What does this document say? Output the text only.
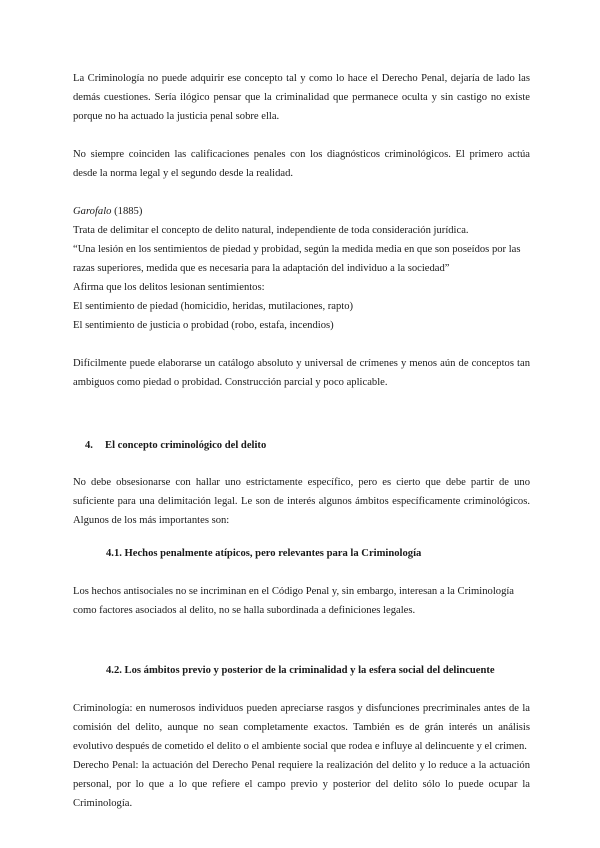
La Criminología no puede adquirir ese concepto tal y como lo hace el Derecho Penal, dejaría de lado las demás cuestiones. Sería ilógico pensar que la criminalidad que permanece oculta y sin castigo no existe porque no ha actuado la justicia penal sobre ella.

No siempre coinciden las calificaciones penales con los diagnósticos criminológicos. El primero actúa desde la norma legal y el segundo desde la realidad.

Garofalo (1885)

Trata de delimitar el concepto de delito natural, independiente de toda consideración jurídica.

“Una lesión en los sentimientos de piedad y probidad, según la medida media en que son poseídos por las razas superiores, medida que es necesaria para la adaptación del individuo a la sociedad”

Afirma que los delitos lesionan sentimientos:

El sentimiento de piedad (homicidio, heridas, mutilaciones, rapto)

El sentimiento de justicia o probidad (robo, estafa, incendios)

Difícilmente puede elaborarse un catálogo absoluto y universal de crímenes y menos aún de conceptos tan ambiguos como piedad o probidad. Construcción parcial y poco aplicable.

4. El concepto criminológico del delito

No debe obsesionarse con hallar uno estrictamente específico, pero es cierto que debe partir de uno suficiente para una delimitación legal. Le son de interés algunos ámbitos específicamente criminológicos. Algunos de los más importantes son:

4.1. Hechos penalmente atípicos, pero relevantes para la Criminología

Los hechos antisociales no se incriminan en el Código Penal y, sin embargo, interesan a la Criminología como factores asociados al delito, no se halla subordinada a definiciones legales.

4.2. Los ámbitos previo y posterior de la criminalidad y la esfera social del delincuente

Criminología: en numerosos individuos pueden apreciarse rasgos y disfunciones precriminales antes de la comisión del delito, aunque no sean completamente exactos. También es de grán interés un análisis evolutivo después de cometido el delito o el ambiente social que rodea e influye al delincuente y el crimen.

Derecho Penal: la actuación del Derecho Penal requiere la realización del delito y lo reduce a la actuación personal, por lo que a lo que refiere el campo previo y posterior del delito sólo lo puede ocupar la Criminología.
